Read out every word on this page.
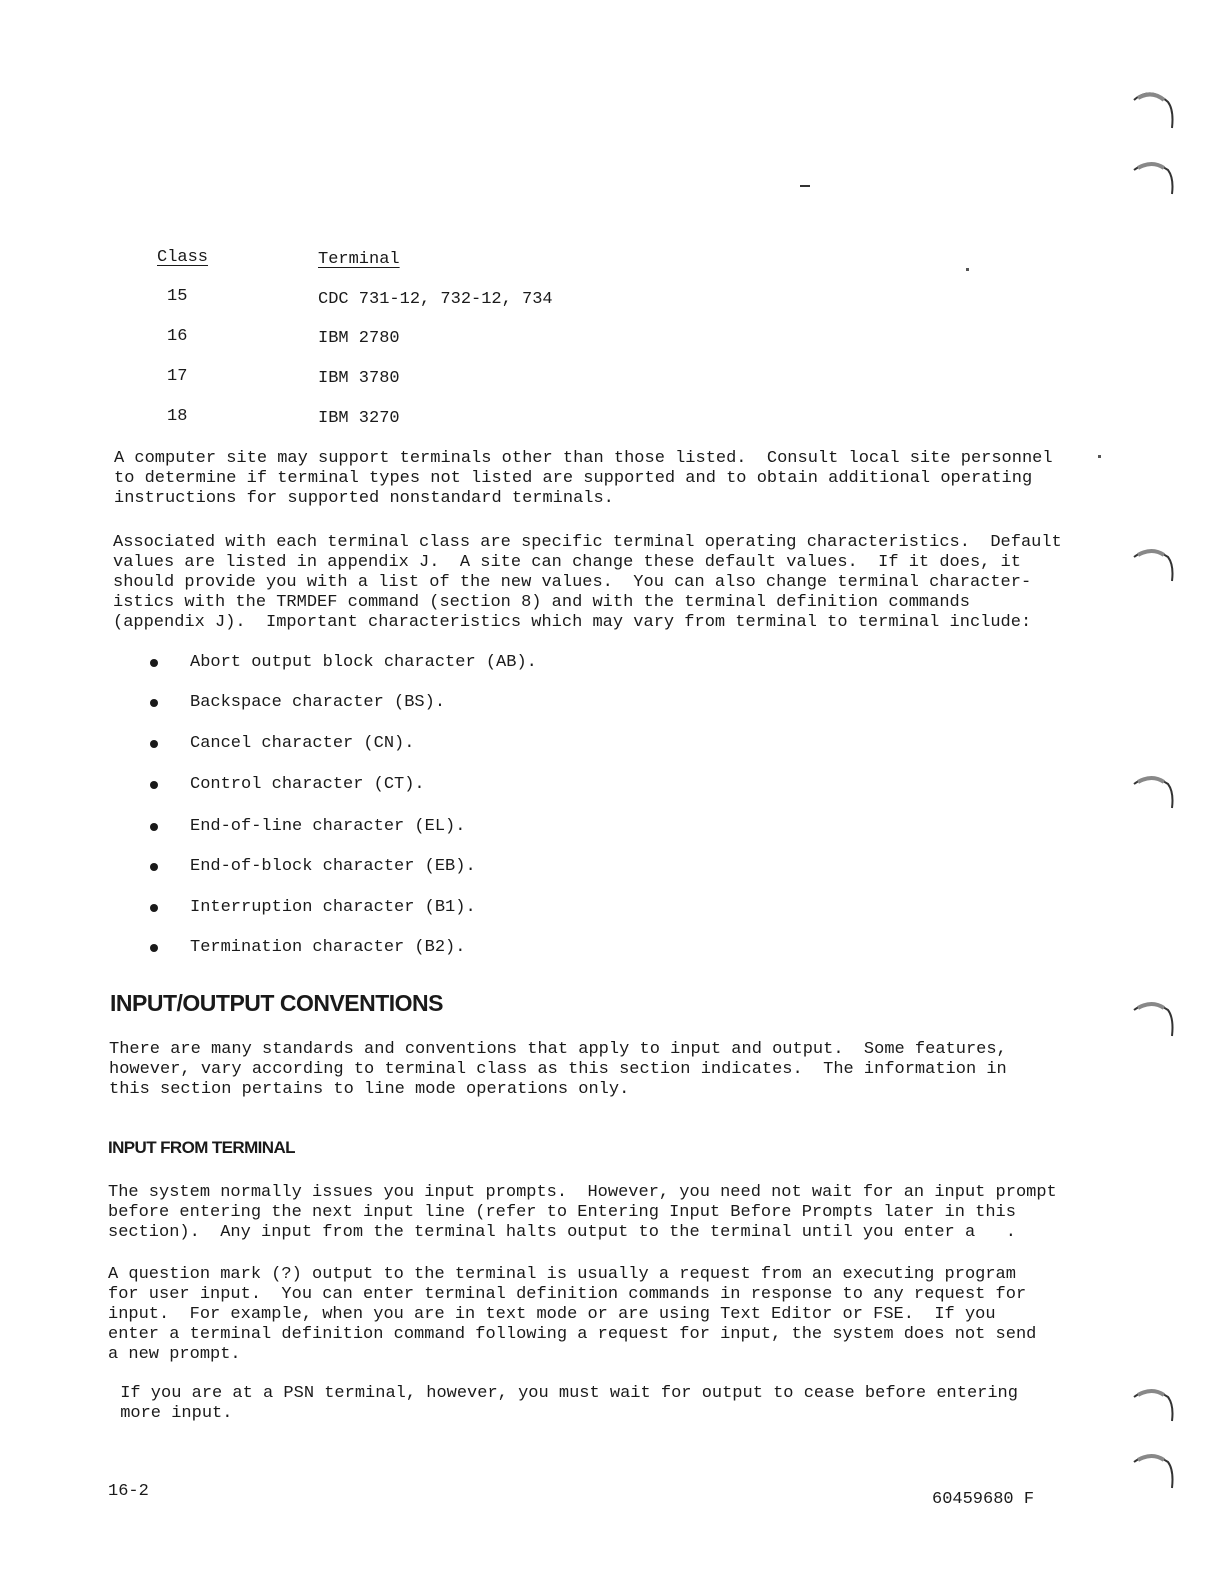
Class	Terminal
15	CDC 731-12, 732-12, 734
16	IBM 2780
17	IBM 3780
18	IBM 3270
A computer site may support terminals other than those listed.  Consult local site personnel
to determine if terminal types not listed are supported and to obtain additional operating
instructions for supported nonstandard terminals.
Associated with each terminal class are specific terminal operating characteristics.  Default
values are listed in appendix J.  A site can change these default values.  If it does, it
should provide you with a list of the new values.  You can also change terminal character-
istics with the TRMDEF command (section 8) and with the terminal definition commands
(appendix J).  Important characteristics which may vary from terminal to terminal include:
Abort output block character (AB).
Backspace character (BS).
Cancel character (CN).
Control character (CT).
End-of-line character (EL).
End-of-block character (EB).
Interruption character (B1).
Termination character (B2).
INPUT/OUTPUT CONVENTIONS
There are many standards and conventions that apply to input and output.  Some features,
however, vary according to terminal class as this section indicates.  The information in
this section pertains to line mode operations only.
INPUT FROM TERMINAL
The system normally issues you input prompts.  However, you need not wait for an input prompt
before entering the next input line (refer to Entering Input Before Prompts later in this
section).  Any input from the terminal halts output to the terminal until you enter a   .
A question mark (?) output to the terminal is usually a request from an executing program
for user input.  You can enter terminal definition commands in response to any request for
input.  For example, when you are in text mode or are using Text Editor or FSE.  If you
enter a terminal definition command following a request for input, the system does not send
a new prompt.
If you are at a PSN terminal, however, you must wait for output to cease before entering
more input.
16-2	60459680 F
